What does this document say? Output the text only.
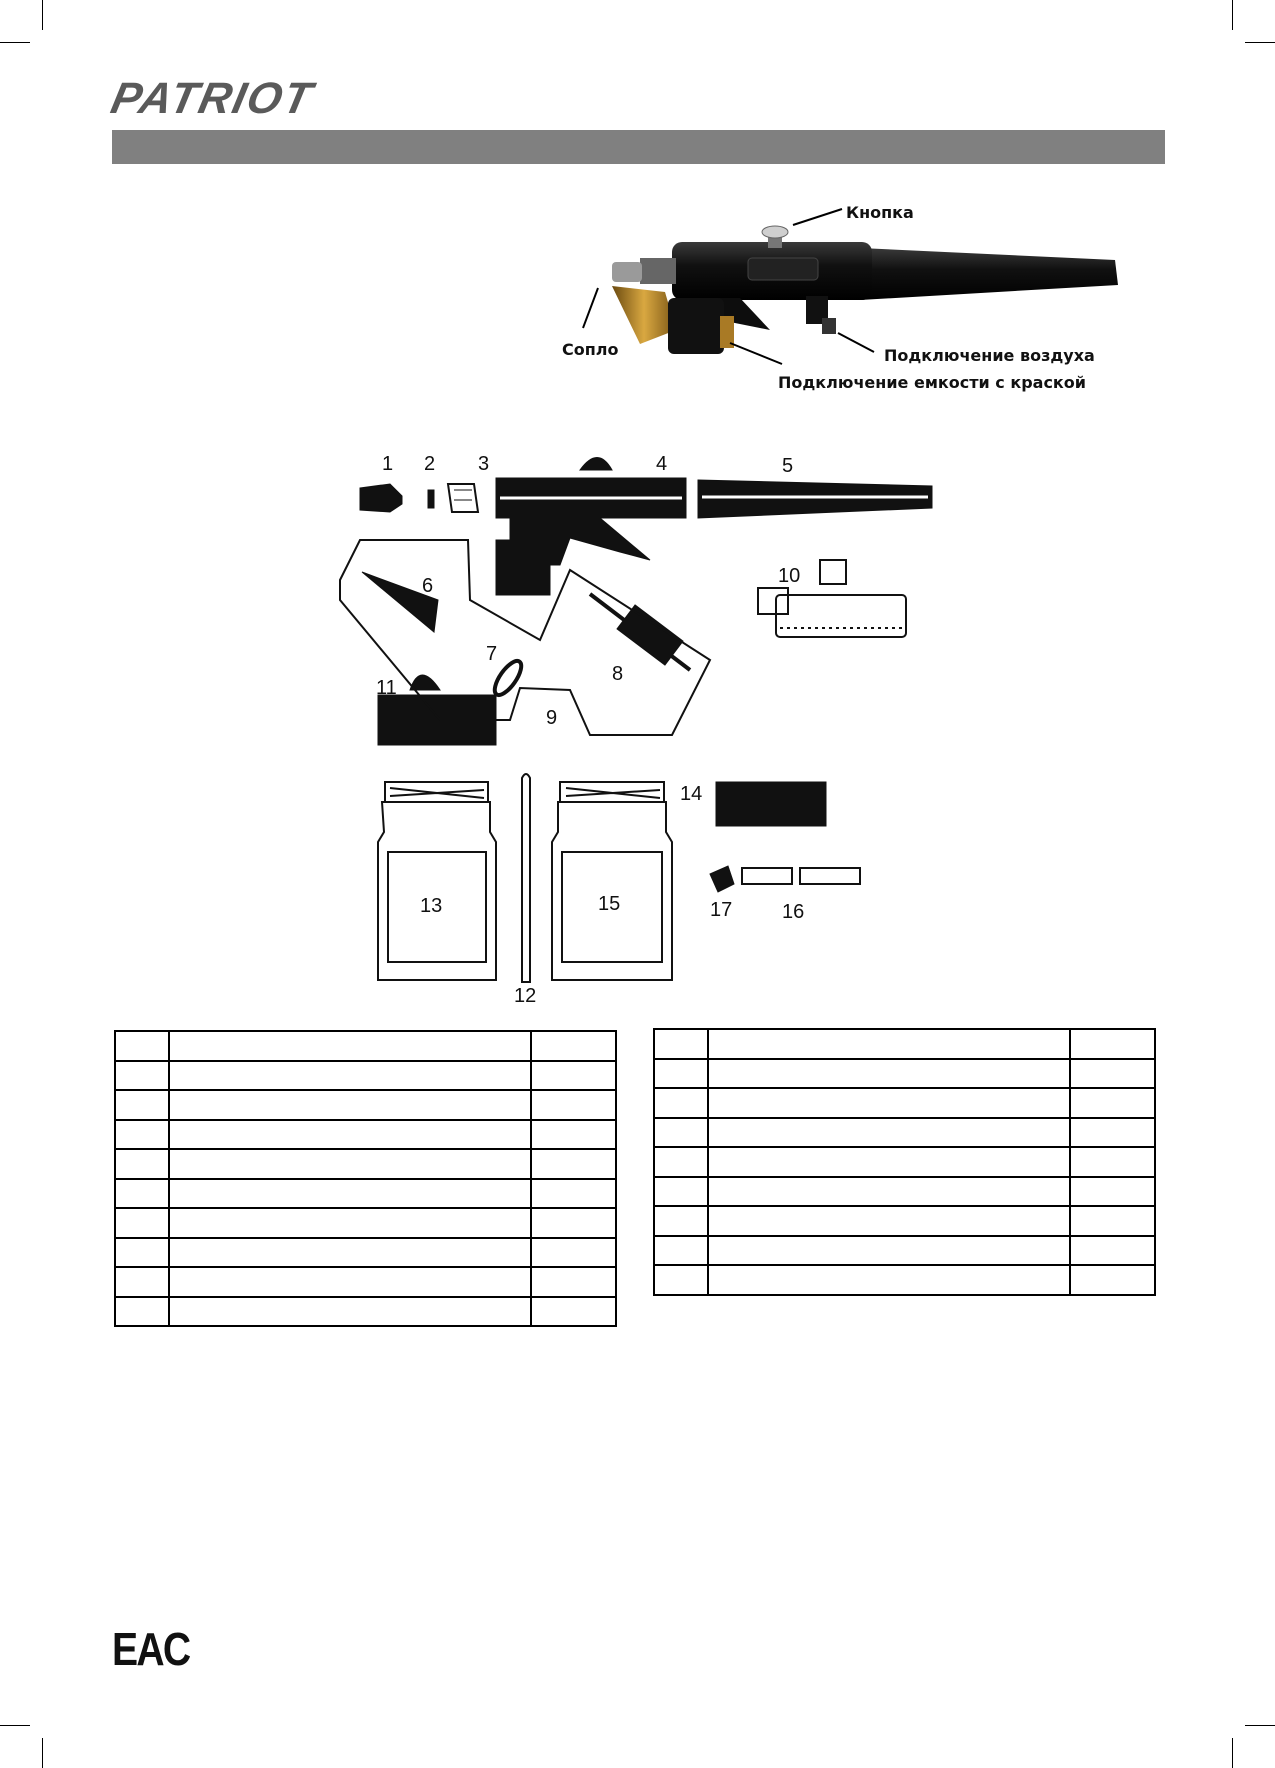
PATRIOT
Кнопка
Сопло	Подключение воздуха
Подключение емкости с краской
1 2 3	4	5
6
7
8
9
10
11
12
13
14
15	16
17

EAC
